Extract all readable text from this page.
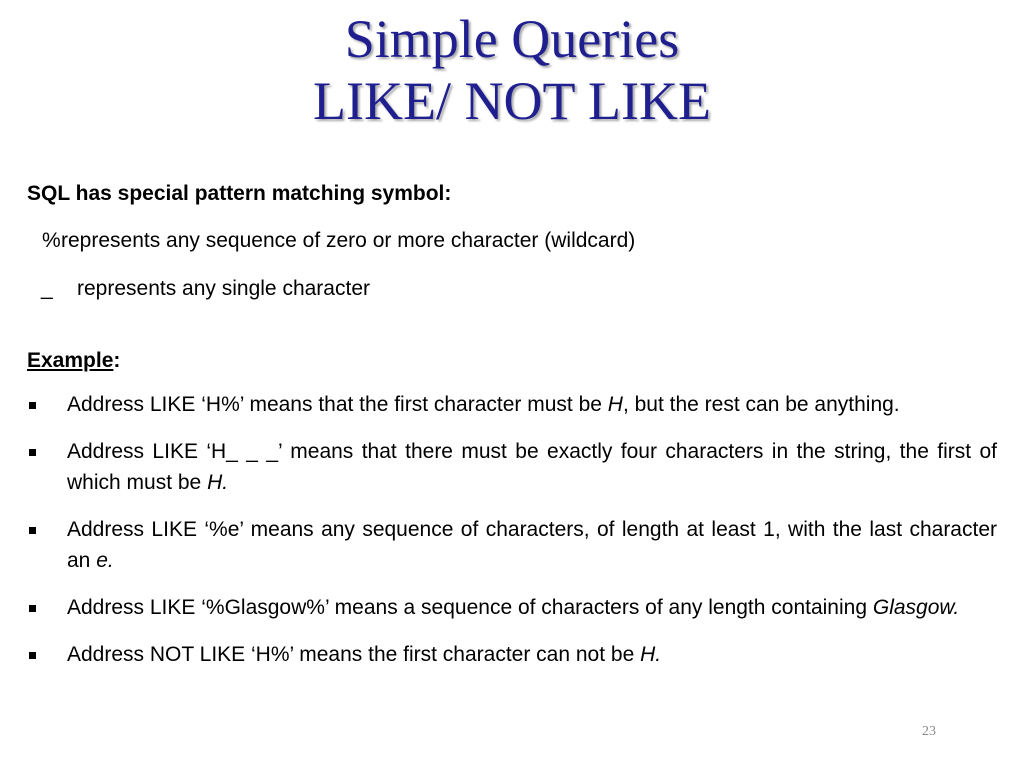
Simple Queries
LIKE/ NOT LIKE
SQL has special pattern matching symbol:
%represents any sequence of zero or more character (wildcard)
_ represents any single character
Example:
Address LIKE ‘H%’ means that the first character must be H, but the rest can be anything.
Address LIKE ‘H_ _ _’ means that there must be exactly four characters in the string, the first of which must be H.
Address LIKE ‘%e’ means any sequence of characters, of length at least 1, with the last character an e.
Address LIKE ‘%Glasgow%’ means a sequence of characters of any length containing Glasgow.
Address NOT LIKE ‘H%’ means the first character can not be H.
23
